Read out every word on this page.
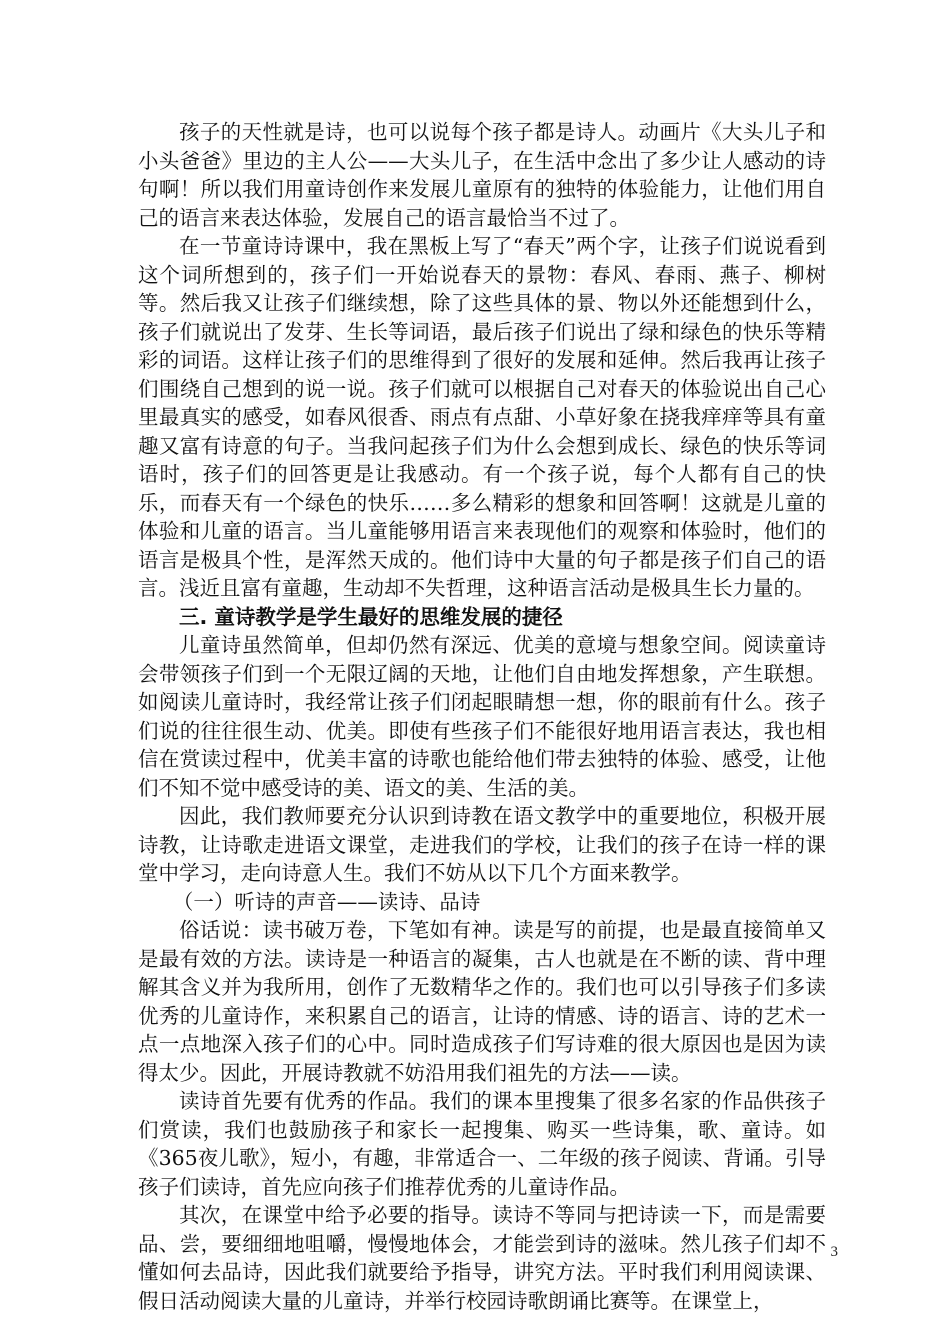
孩子的天性就是诗，也可以说每个孩子都是诗人。动画片《大头儿子和小头爸爸》里边的主人公——大头儿子，在生活中念出了多少让人感动的诗句啊！所以我们用童诗创作来发展儿童原有的独特的体验能力，让他们用自己的语言来表达体验，发展自己的语言最恰当不过了。

在一节童诗诗课中，我在黑板上写了“春天”两个字，让孩子们说说看到这个词所想到的，孩子们一开始说春天的景物：春风、春雨、燕子、柳树等。然后我又让孩子们继续想，除了这些具体的景、物以外还能想到什么，孩子们就说出了发芽、生长等词语，最后孩子们说出了绿和绿色的快乐等精彩的词语。这样让孩子们的思维得到了很好的发展和延伸。然后我再让孩子们围绕自己想到的说一说。孩子们就可以根据自己对春天的体验说出自己心里最真实的感受，如春风很香、雨点有点甜、小草好象在挠我痒痒等具有童趣又富有诗意的句子。当我问起孩子们为什么会想到成长、绿色的快乐等词语时，孩子们的回答更是让我感动。有一个孩子说，每个人都有自己的快乐，而春天有一个绿色的快乐……多么精彩的想象和回答啊！这就是儿童的体验和儿童的语言。当儿童能够用语言来表现他们的观察和体验时，他们的语言是极具个性，是浑然天成的。他们诗中大量的句子都是孩子们自己的语言。浅近且富有童趣，生动却不失哲理，这种语言活动是极具生长力量的。

三. 童诗教学是学生最好的思维发展的捷径

儿童诗虽然简单，但却仍然有深远、优美的意境与想象空间。阅读童诗会带领孩子们到一个无限辽阔的天地，让他们自由地发挥想象，产生联想。如阅读儿童诗时，我经常让孩子们闭起眼睛想一想，你的眼前有什么。孩子们说的往往很生动、优美。即使有些孩子们不能很好地用语言表达，我也相信在赏读过程中，优美丰富的诗歌也能给他们带去独特的体验、感受，让他们不知不觉中感受诗的美、语文的美、生活的美。

因此，我们教师要充分认识到诗教在语文教学中的重要地位，积极开展诗教，让诗歌走进语文课堂，走进我们的学校，让我们的孩子在诗一样的课堂中学习，走向诗意人生。我们不妨从以下几个方面来教学。

（一）听诗的声音——读诗、品诗

俗话说：读书破万卷，下笔如有神。读是写的前提，也是最直接简单又是最有效的方法。读诗是一种语言的凝集，古人也就是在不断的读、背中理解其含义并为我所用，创作了无数精华之作的。我们也可以引导孩子们多读优秀的儿童诗作，来积累自己的语言，让诗的情感、诗的语言、诗的艺术一点一点地深入孩子们的心中。同时造成孩子们写诗难的很大原因也是因为读得太少。因此，开展诗教就不妨沿用我们祖先的方法——读。

读诗首先要有优秀的作品。我们的课本里搜集了很多名家的作品供孩子们赏读，我们也鼓励孩子和家长一起搜集、购买一些诗集，歌、童诗。如《365夜儿歌》，短小，有趣，非常适合一、二年级的孩子阅读、背诵。引导孩子们读诗，首先应向孩子们推荐优秀的儿童诗作品。

其次，在课堂中给予必要的指导。读诗不等同与把诗读一下，而是需要品、尝，要细细地咀嚼，慢慢地体会，才能尝到诗的滋味。然儿孩子们却不懂如何去品诗，因此我们就要给予指导，讲究方法。平时我们利用阅读课、假日活动阅读大量的儿童诗，并举行校园诗歌朗诵比赛等。在课堂上，

3
